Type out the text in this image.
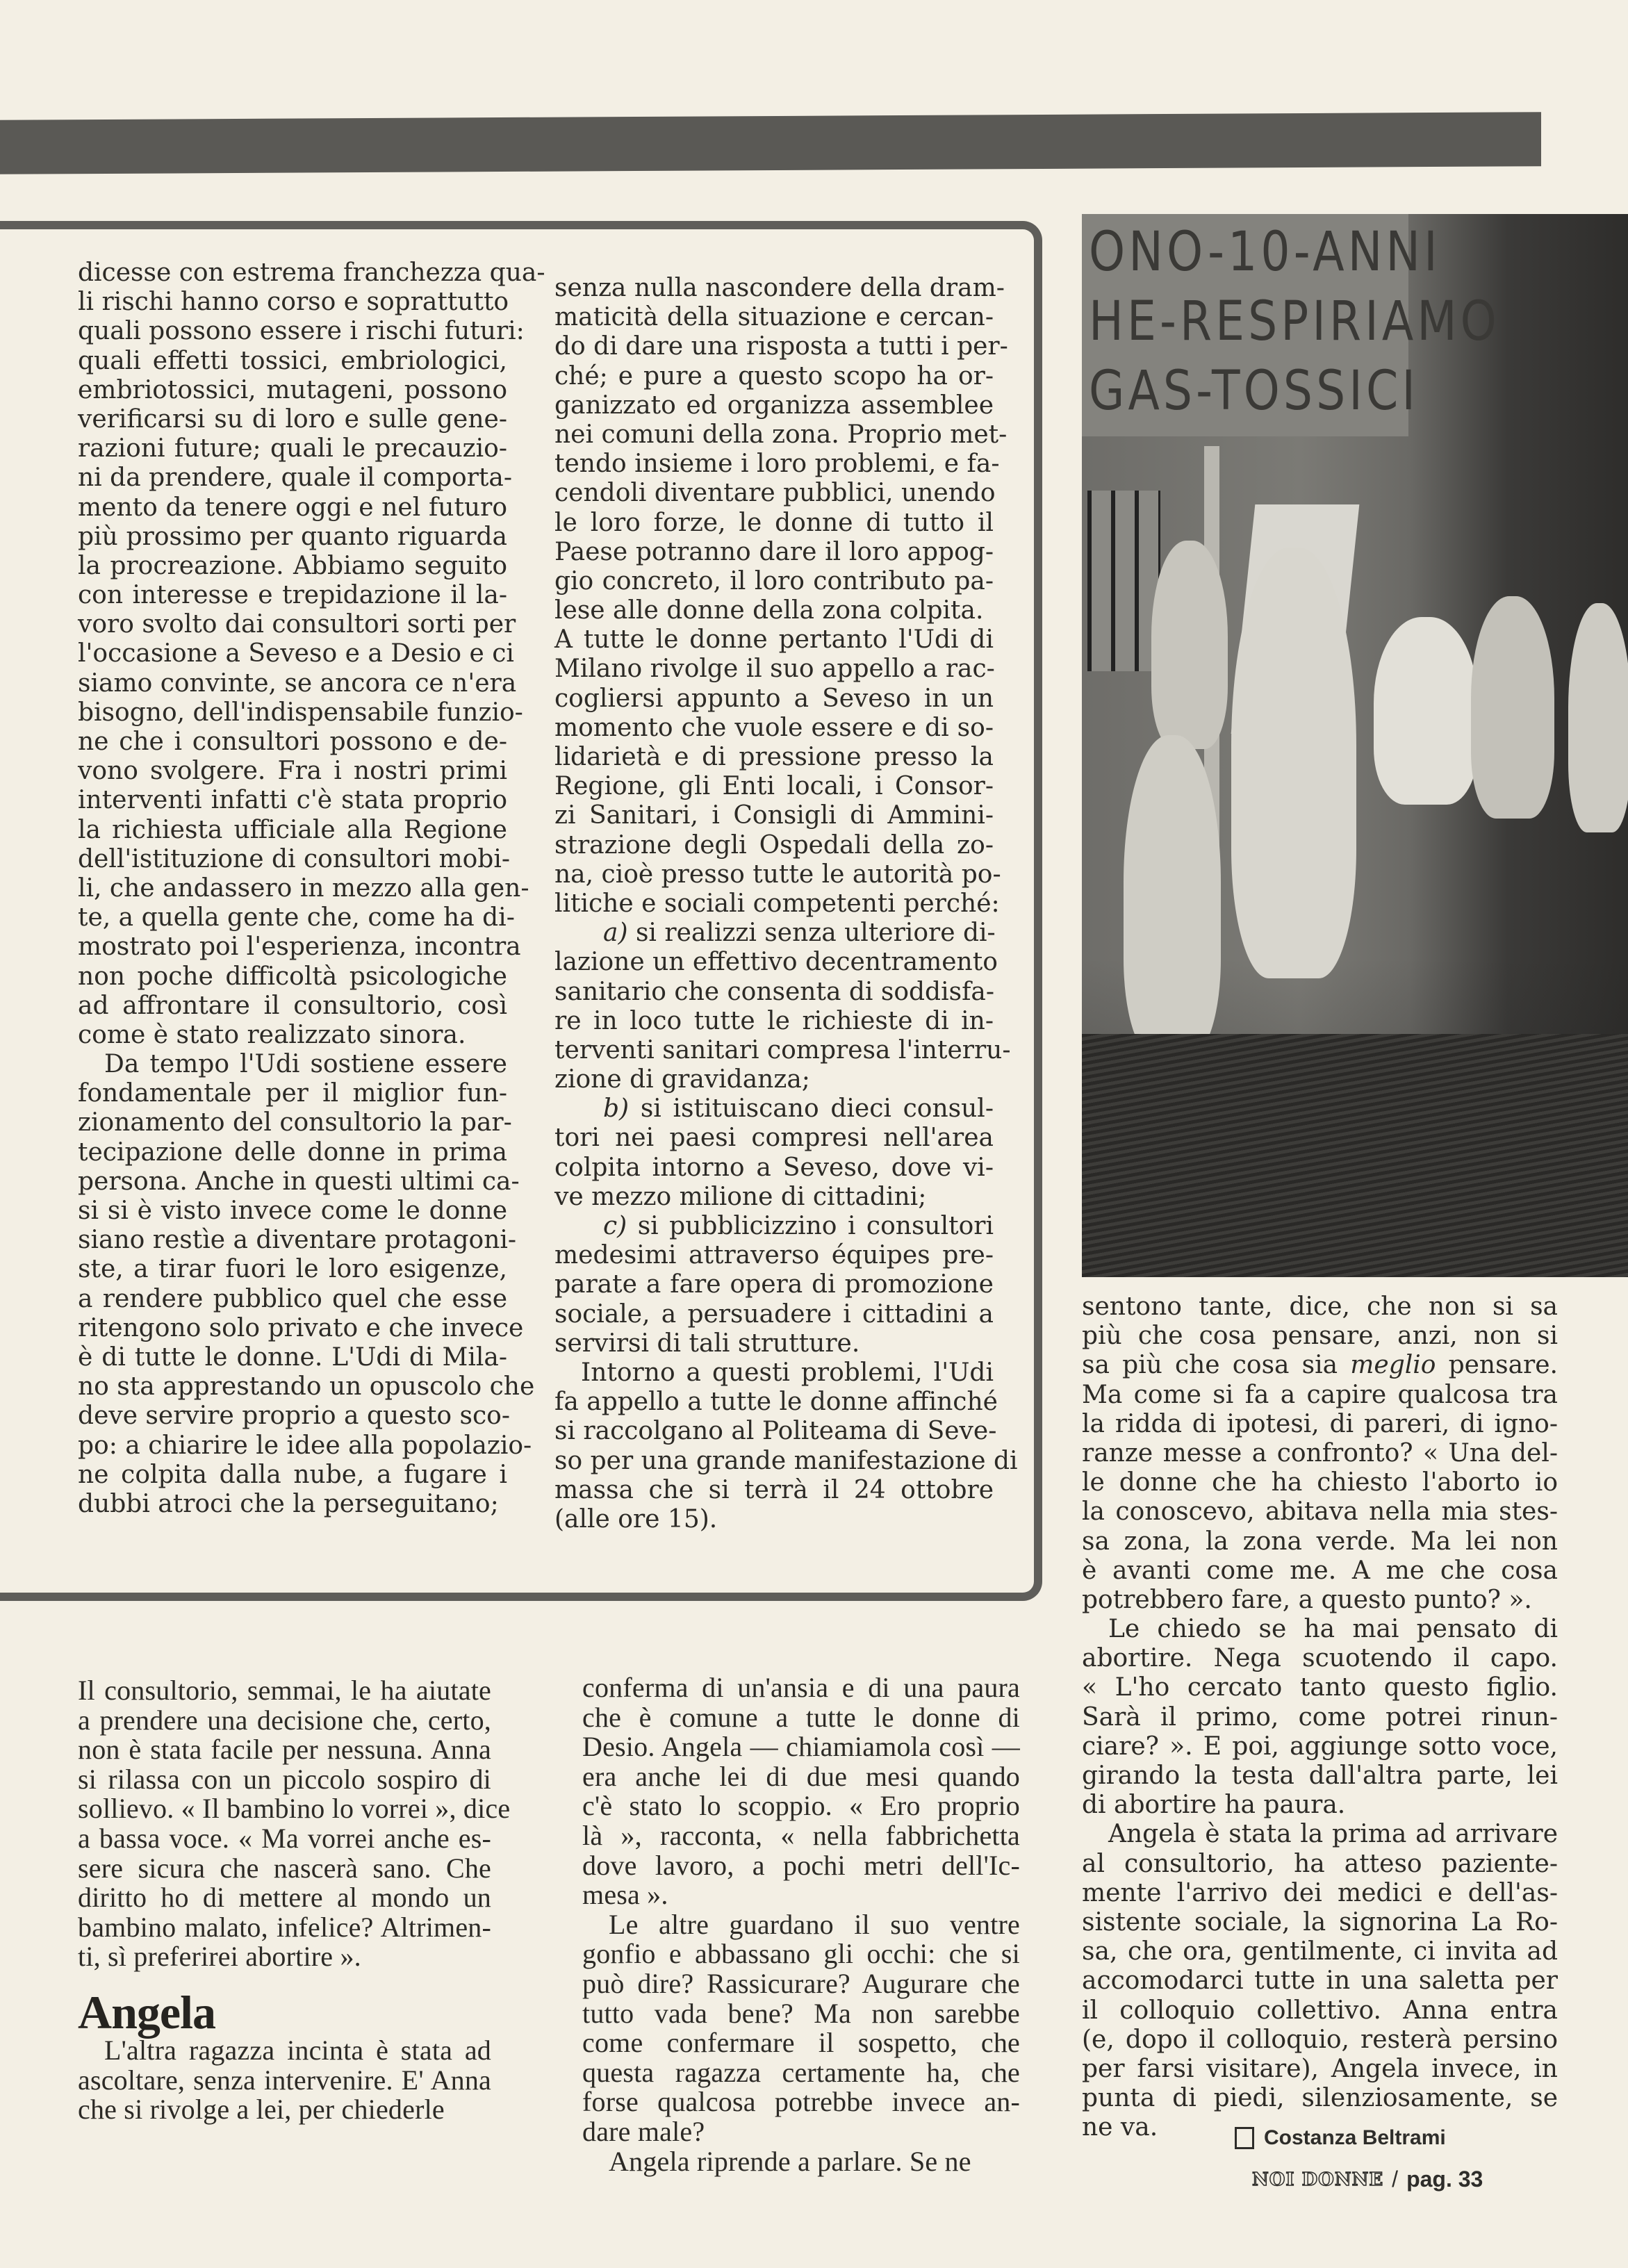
dicesse con estrema franchezza qua-
li rischi hanno corso e soprattutto
quali possono essere i rischi futuri:
quali effetti tossici, embriologici,
embriotossici, mutageni, possono
verificarsi su di loro e sulle gene-
razioni future; quali le precauzio-
ni da prendere, quale il comporta-
mento da tenere oggi e nel futuro
più prossimo per quanto riguarda
la procreazione. Abbiamo seguito
con interesse e trepidazione il la-
voro svolto dai consultori sorti per
l'occasione a Seveso e a Desio e ci
siamo convinte, se ancora ce n'era
bisogno, dell'indispensabile funzio-
ne che i consultori possono e de-
vono svolgere. Fra i nostri primi
interventi infatti c'è stata proprio
la richiesta ufficiale alla Regione
dell'istituzione di consultori mobi-
li, che andassero in mezzo alla gen-
te, a quella gente che, come ha di-
mostrato poi l'esperienza, incontra
non poche difficoltà psicologiche
ad affrontare il consultorio, così
come è stato realizzato sinora.
Da tempo l'Udi sostiene essere
fondamentale per il miglior fun-
zionamento del consultorio la par-
tecipazione delle donne in prima
persona. Anche in questi ultimi ca-
si si è visto invece come le donne
siano restìe a diventare protagoni-
ste, a tirar fuori le loro esigenze,
a rendere pubblico quel che esse
ritengono solo privato e che invece
è di tutte le donne. L'Udi di Mila-
no sta apprestando un opuscolo che
deve servire proprio a questo sco-
po: a chiarire le idee alla popolazio-
ne colpita dalla nube, a fugare i
dubbi atroci che la perseguitano;
senza nulla nascondere della dram-
maticità della situazione e cercan-
do di dare una risposta a tutti i per-
ché; e pure a questo scopo ha or-
ganizzato ed organizza assemblee
nei comuni della zona. Proprio met-
tendo insieme i loro problemi, e fa-
cendoli diventare pubblici, unendo
le loro forze, le donne di tutto il
Paese potranno dare il loro appog-
gio concreto, il loro contributo pa-
lese alle donne della zona colpita.
A tutte le donne pertanto l'Udi di
Milano rivolge il suo appello a rac-
cogliersi appunto a Seveso in un
momento che vuole essere e di so-
lidarietà e di pressione presso la
Regione, gli Enti locali, i Consor-
zi Sanitari, i Consigli di Ammini-
strazione degli Ospedali della zo-
na, cioè presso tutte le autorità po-
litiche e sociali competenti perché:
a) si realizzi senza ulteriore di-
lazione un effettivo decentramento
sanitario che consenta di soddisfa-
re in loco tutte le richieste di in-
terventi sanitari compresa l'interru-
zione di gravidanza;
b) si istituiscano dieci consul-
tori nei paesi compresi nell'area
colpita intorno a Seveso, dove vi-
ve mezzo milione di cittadini;
c) si pubblicizzino i consultori
medesimi attraverso équipes pre-
parate a fare opera di promozione
sociale, a persuadere i cittadini a
servirsi di tali strutture.
Intorno a questi problemi, l'Udi
fa appello a tutte le donne affinché
si raccolgano al Politeama di Seve-
so per una grande manifestazione di
massa che si terrà il 24 ottobre
(alle ore 15).
ONO-10-ANNI
HE-RESPIRIAMO
GAS-TOSSICI
sentono tante, dice, che non si sa
più che cosa pensare, anzi, non si
sa più che cosa sia meglio pensare.
Ma come si fa a capire qualcosa tra
la ridda di ipotesi, di pareri, di igno-
ranze messe a confronto? « Una del-
le donne che ha chiesto l'aborto io
la conoscevo, abitava nella mia stes-
sa zona, la zona verde. Ma lei non
è avanti come me. A me che cosa
potrebbero fare, a questo punto? ».
Le chiedo se ha mai pensato di
abortire. Nega scuotendo il capo.
« L'ho cercato tanto questo figlio.
Sarà il primo, come potrei rinun-
ciare? ». E poi, aggiunge sotto voce,
girando la testa dall'altra parte, lei
di abortire ha paura.
Angela è stata la prima ad arrivare
al consultorio, ha atteso paziente-
mente l'arrivo dei medici e dell'as-
sistente sociale, la signorina La Ro-
sa, che ora, gentilmente, ci invita ad
accomodarci tutte in una saletta per
il colloquio collettivo. Anna entra
(e, dopo il colloquio, resterà persino
per farsi visitare), Angela invece, in
punta di piedi, silenziosamente, se
ne va.
Il consultorio, semmai, le ha aiutate
a prendere una decisione che, certo,
non è stata facile per nessuna. Anna
si rilassa con un piccolo sospiro di
sollievo. « Il bambino lo vorrei », dice
a bassa voce. « Ma vorrei anche es-
sere sicura che nascerà sano. Che
diritto ho di mettere al mondo un
bambino malato, infelice? Altrimen-
ti, sì preferirei abortire ».
Angela
L'altra ragazza incinta è stata ad
ascoltare, senza intervenire. E' Anna
che si rivolge a lei, per chiederle
conferma di un'ansia e di una paura
che è comune a tutte le donne di
Desio. Angela — chiamiamola così —
era anche lei di due mesi quando
c'è stato lo scoppio. « Ero proprio
là », racconta, « nella fabbrichetta
dove lavoro, a pochi metri dell'Ic-
mesa ».
Le altre guardano il suo ventre
gonfio e abbassano gli occhi: che si
può dire? Rassicurare? Augurare che
tutto vada bene? Ma non sarebbe
come confermare il sospetto, che
questa ragazza certamente ha, che
forse qualcosa potrebbe invece an-
dare male?
Angela riprende a parlare. Se ne
Costanza Beltrami
NOI DONNE / pag. 33
